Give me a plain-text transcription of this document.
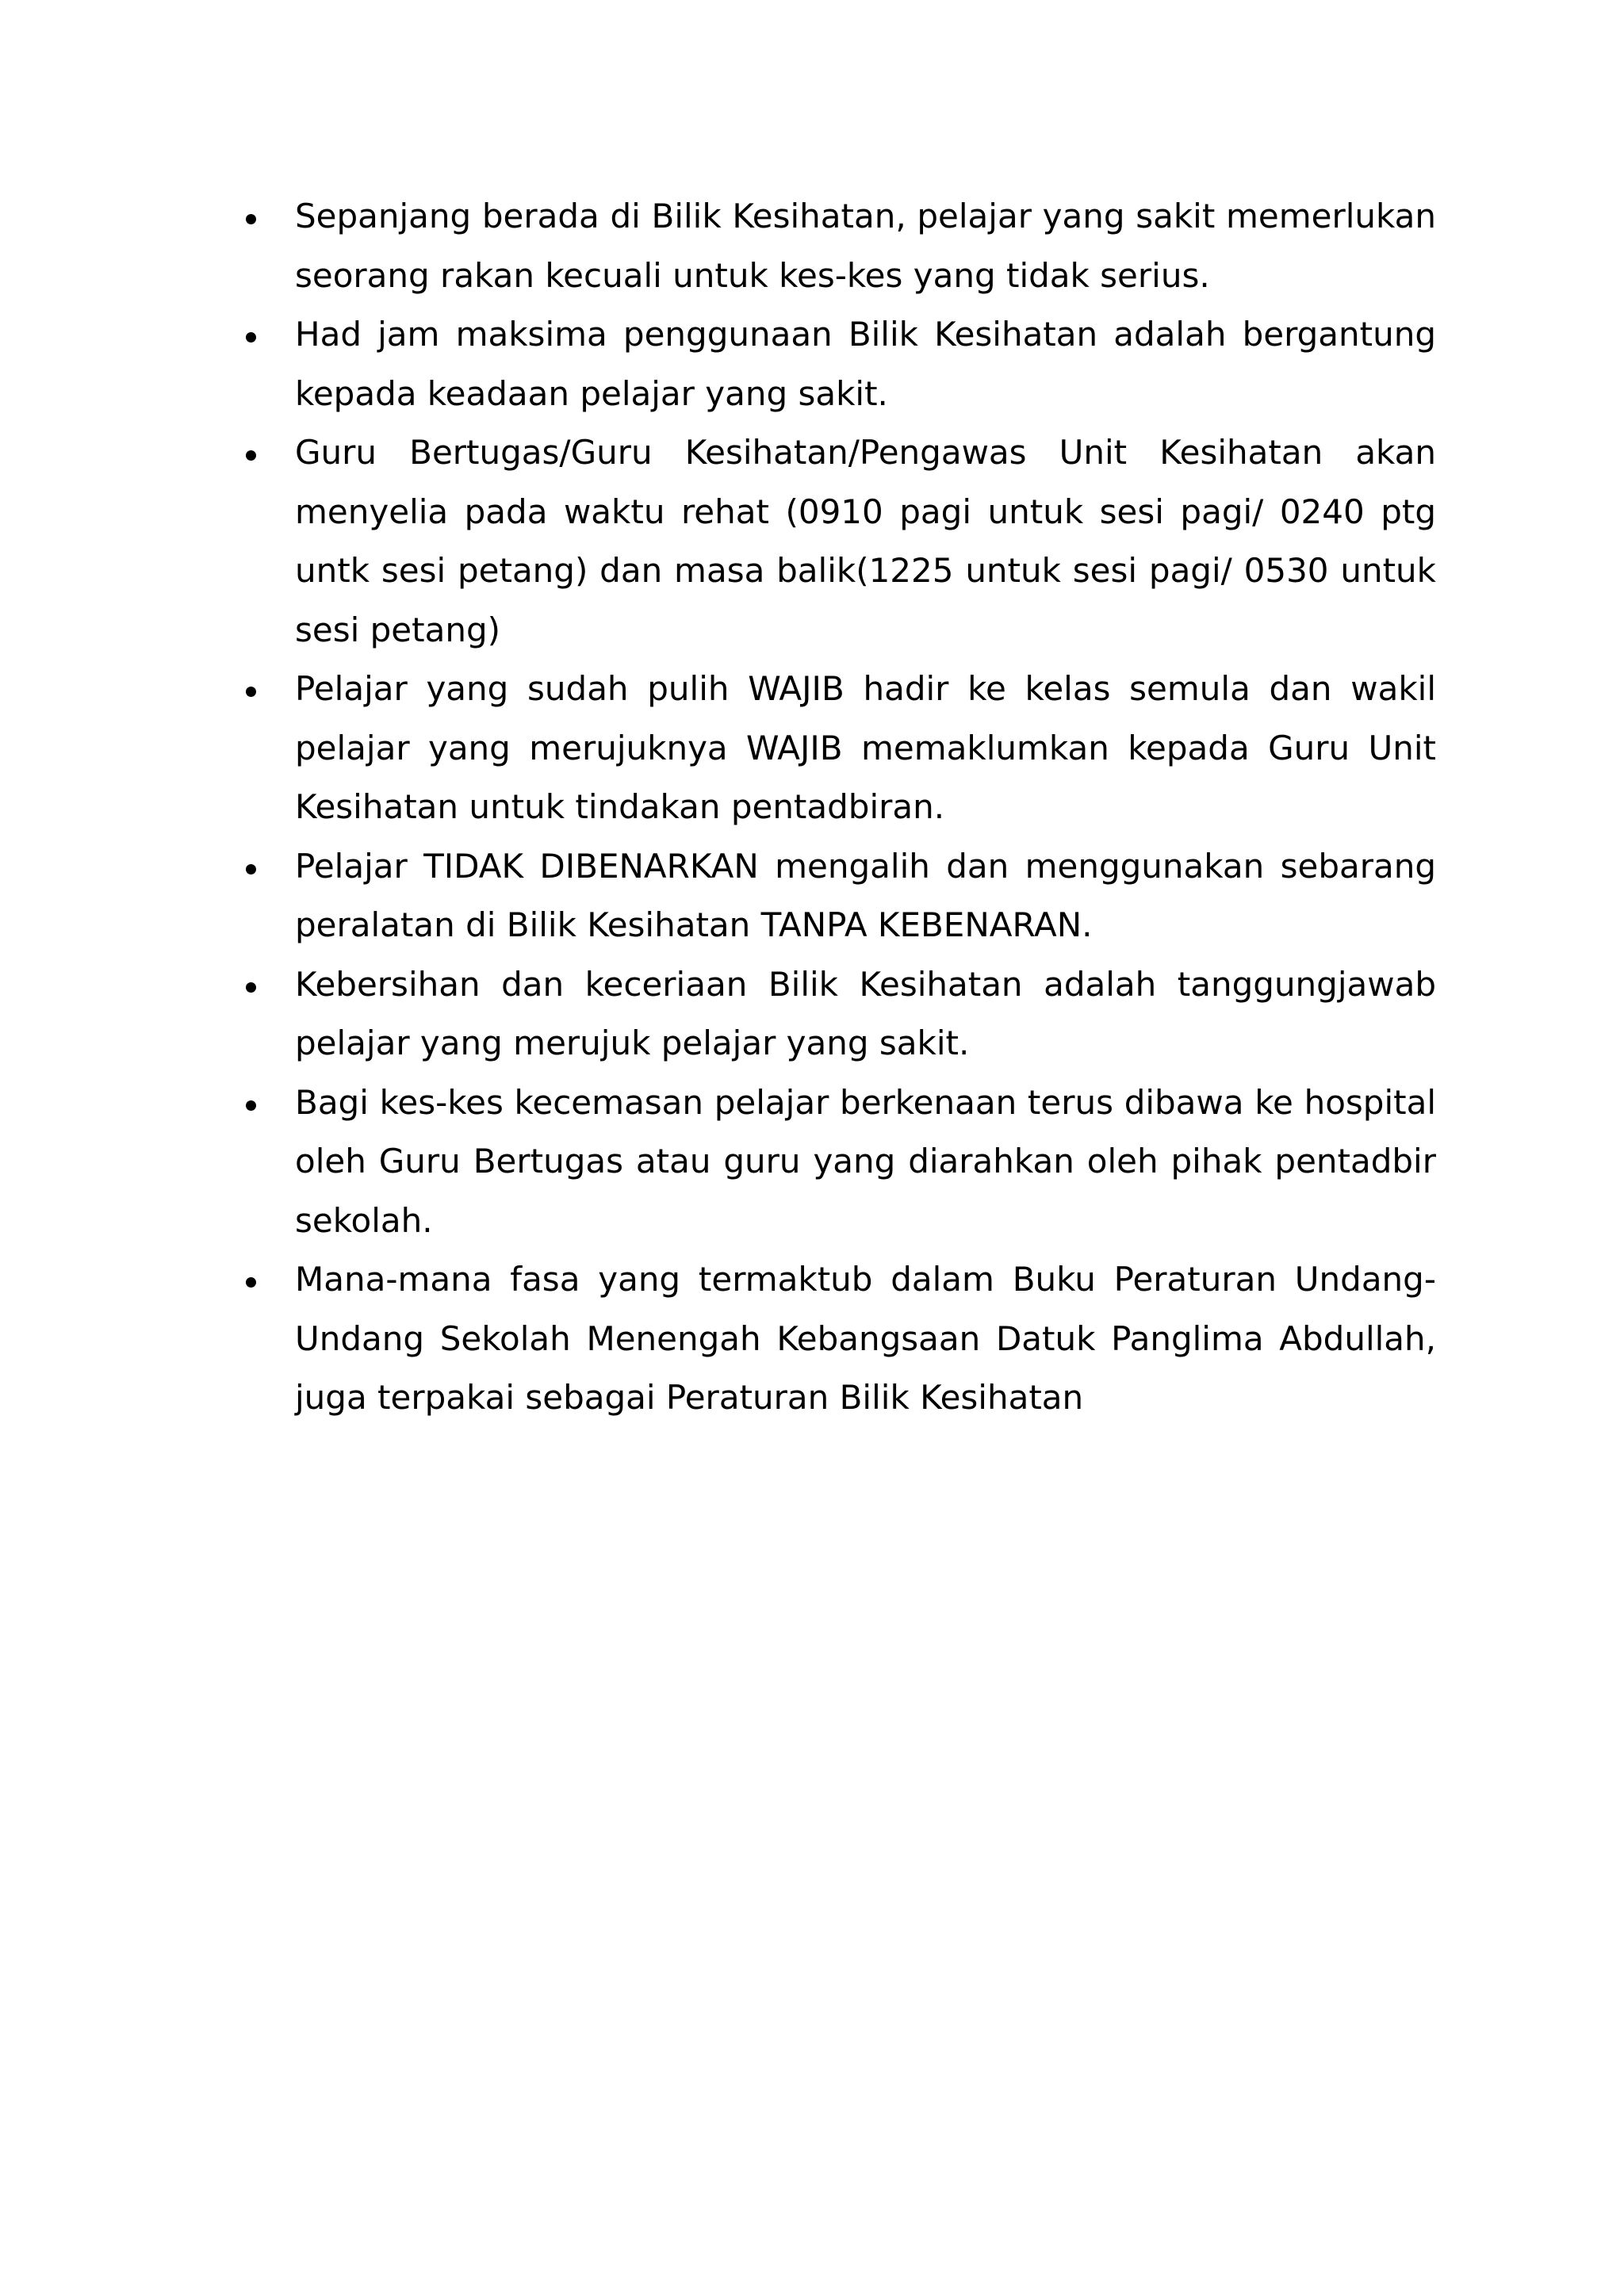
Sepanjang berada di Bilik Kesihatan, pelajar yang sakit memerlukan seorang rakan kecuali untuk kes-kes yang tidak serius.
Had jam maksima penggunaan Bilik Kesihatan adalah bergantung kepada keadaan pelajar yang sakit.
Guru Bertugas/Guru Kesihatan/Pengawas Unit Kesihatan akan menyelia pada waktu rehat (0910 pagi untuk sesi pagi/ 0240 ptg untk sesi petang) dan masa balik(1225 untuk sesi pagi/ 0530 untuk sesi petang)
Pelajar yang sudah pulih WAJIB hadir ke kelas semula dan wakil pelajar yang merujuknya WAJIB memaklumkan kepada Guru Unit Kesihatan untuk tindakan pentadbiran.
Pelajar TIDAK DIBENARKAN mengalih dan menggunakan sebarang peralatan di Bilik Kesihatan TANPA KEBENARAN.
Kebersihan dan keceriaan Bilik Kesihatan adalah tanggungjawab pelajar yang merujuk pelajar yang sakit.
Bagi kes-kes kecemasan pelajar berkenaan terus dibawa ke hospital oleh Guru Bertugas atau guru yang diarahkan oleh pihak pentadbir sekolah.
Mana-mana fasa yang termaktub dalam Buku Peraturan Undang-Undang Sekolah Menengah Kebangsaan Datuk Panglima Abdullah, juga terpakai sebagai Peraturan Bilik Kesihatan
